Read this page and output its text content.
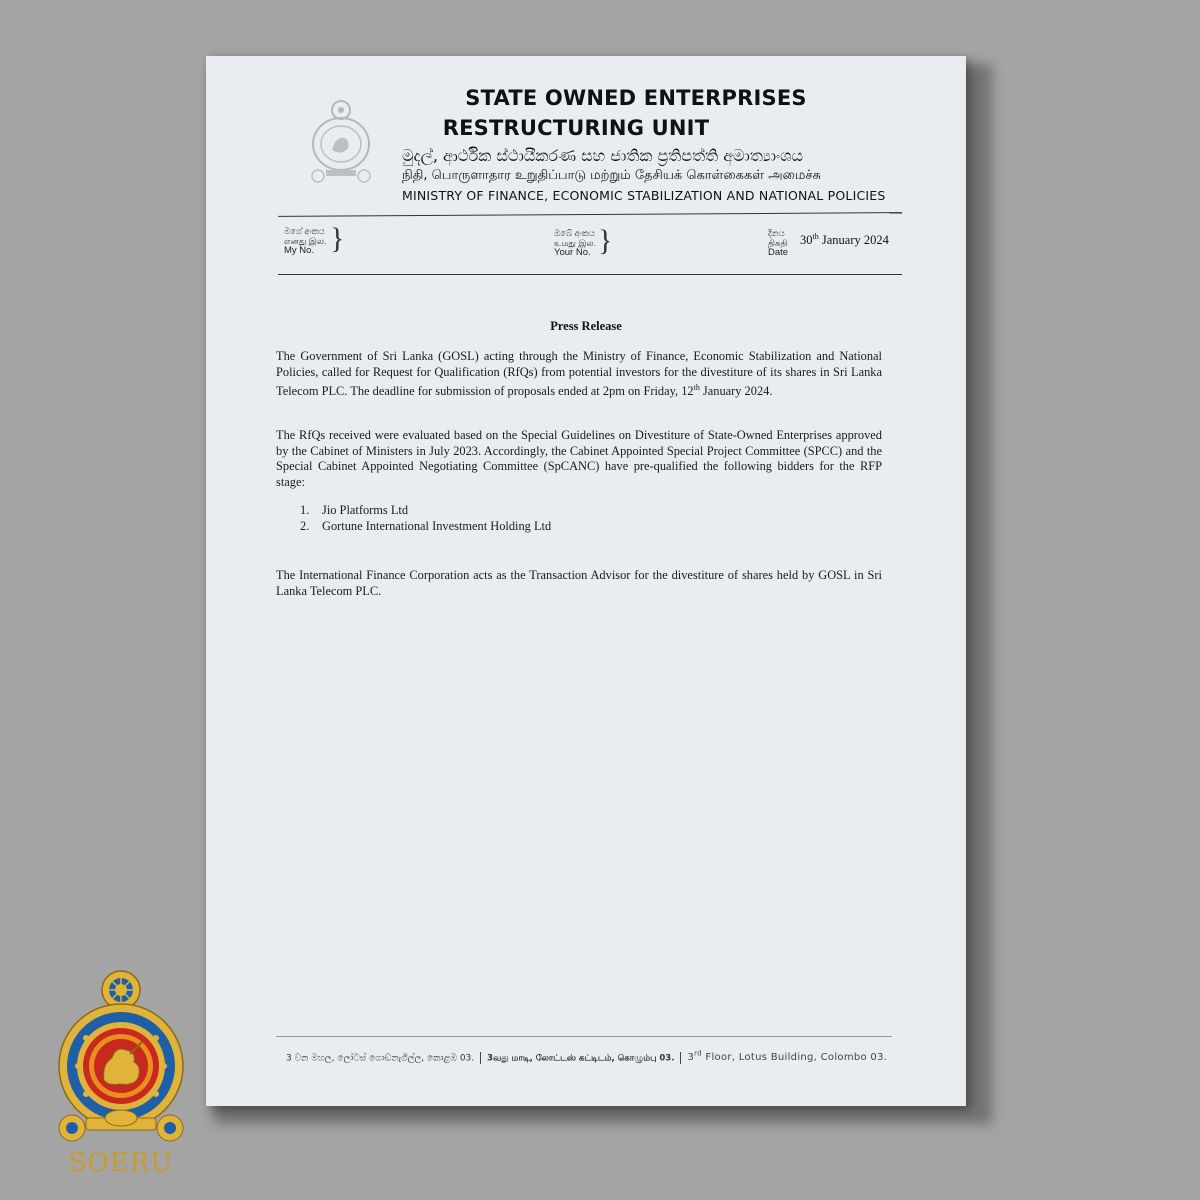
STATE OWNED ENTERPRISES
RESTRUCTURING UNIT
මුදල්, ආර්ථික ස්ථායීකරණ සහ ජාතික ප්‍රතිපත්ති අමාත්‍යාංශය
நிதி, பொருளாதார உறுதிப்பாடு மற்றும் தேசியக் கொள்கைகள் அமைச்சு
MINISTRY OF FINANCE, ECONOMIC STABILIZATION AND NATIONAL POLICIES
මගේ අංකය
எனது இல.
My No. }	ඔබේ අංකය
உமது இல.
Your No. }	දිනය
திகதி
Date
30th January 2024
Press Release
The Government of Sri Lanka (GOSL) acting through the Ministry of Finance, Economic Stabilization and National Policies, called for Request for Qualification (RfQs) from potential investors for the divestiture of its shares in Sri Lanka Telecom PLC. The deadline for submission of proposals ended at 2pm on Friday, 12th January 2024.
The RfQs received were evaluated based on the Special Guidelines on Divestiture of State-Owned Enterprises approved by the Cabinet of Ministers in July 2023. Accordingly, the Cabinet Appointed Special Project Committee (SPCC) and the Special Cabinet Appointed Negotiating Committee (SpCANC) have pre-qualified the following bidders for the RFP stage:
1. Jio Platforms Ltd
2. Gortune International Investment Holding Ltd
The International Finance Corporation acts as the Transaction Advisor for the divestiture of shares held by GOSL in Sri Lanka Telecom PLC.
3 වන මහල, ලෝටස් ගොඩනැගිල්ල, කොළඹ 03. 3வது மாடி, லோட்டஸ் கட்டிடம், கொழும்பு 03. 3rd Floor, Lotus Building, Colombo 03.
SOERU
